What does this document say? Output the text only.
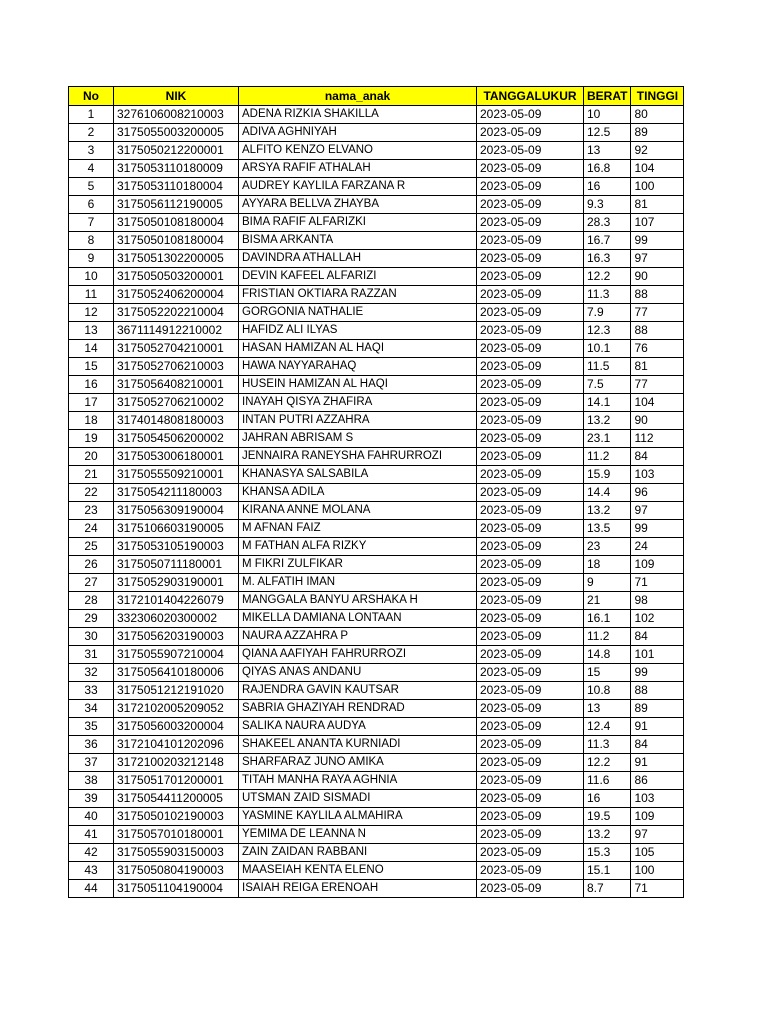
No	NIK	nama_anak	TANGGALUKUR	BERAT	TINGGI
1	3276106008210003	ADENA RIZKIA SHAKILLA	2023-05-09	10	80
2	3175055003200005	ADIVA AGHNIYAH	2023-05-09	12.5	89
3	3175050212200001	ALFITO KENZO ELVANO	2023-05-09	13	92
4	3175053110180009	ARSYA RAFIF ATHALAH	2023-05-09	16.8	104
5	3175053110180004	AUDREY KAYLILA FARZANA R	2023-05-09	16	100
6	3175056112190005	AYYARA BELLVA ZHAYBA	2023-05-09	9.3	81
7	3175050108180004	BIMA RAFIF ALFARIZKI	2023-05-09	28.3	107
8	3175050108180004	BISMA ARKANTA	2023-05-09	16.7	99
9	3175051302200005	DAVINDRA ATHALLAH	2023-05-09	16.3	97
10	3175050503200001	DEVIN KAFEEL ALFARIZI	2023-05-09	12.2	90
11	3175052406200004	FRISTIAN OKTIARA RAZZAN	2023-05-09	11.3	88
12	3175052202210004	GORGONIA NATHALIE	2023-05-09	7.9	77
13	3671114912210002	HAFIDZ ALI ILYAS	2023-05-09	12.3	88
14	3175052704210001	HASAN HAMIZAN AL HAQI	2023-05-09	10.1	76
15	3175052706210003	HAWA NAYYARAHAQ	2023-05-09	11.5	81
16	3175056408210001	HUSEIN HAMIZAN AL HAQI	2023-05-09	7.5	77
17	3175052706210002	INAYAH QISYA ZHAFIRA	2023-05-09	14.1	104
18	3174014808180003	INTAN PUTRI AZZAHRA	2023-05-09	13.2	90
19	3175054506200002	JAHRAN ABRISAM S	2023-05-09	23.1	112
20	3175053006180001	JENNAIRA RANEYSHA FAHRURROZI	2023-05-09	11.2	84
21	3175055509210001	KHANASYA SALSABILA	2023-05-09	15.9	103
22	3175054211180003	KHANSA ADILA	2023-05-09	14.4	96
23	3175056309190004	KIRANA ANNE MOLANA	2023-05-09	13.2	97
24	3175106603190005	M AFNAN FAIZ	2023-05-09	13.5	99
25	3175053105190003	M FATHAN ALFA RIZKY	2023-05-09	23	24
26	3175050711180001	M FIKRI ZULFIKAR	2023-05-09	18	109
27	3175052903190001	M. ALFATIH IMAN	2023-05-09	9	71
28	3172101404226079	MANGGALA BANYU ARSHAKA H	2023-05-09	21	98
29	332306020300002	MIKELLA DAMIANA LONTAAN	2023-05-09	16.1	102
30	3175056203190003	NAURA AZZAHRA P	2023-05-09	11.2	84
31	3175055907210004	QIANA AAFIYAH FAHRURROZI	2023-05-09	14.8	101
32	3175056410180006	QIYAS ANAS ANDANU	2023-05-09	15	99
33	3175051212191020	RAJENDRA GAVIN KAUTSAR	2023-05-09	10.8	88
34	3172102005209052	SABRIA GHAZIYAH RENDRAD	2023-05-09	13	89
35	3175056003200004	SALIKA NAURA AUDYA	2023-05-09	12.4	91
36	3172104101202096	SHAKEEL ANANTA KURNIADI	2023-05-09	11.3	84
37	3172100203212148	SHARFARAZ JUNO AMIKA	2023-05-09	12.2	91
38	3175051701200001	TITAH MANHA RAYA AGHNIA	2023-05-09	11.6	86
39	3175054411200005	UTSMAN ZAID SISMADI	2023-05-09	16	103
40	3175050102190003	YASMINE KAYLILA ALMAHIRA	2023-05-09	19.5	109
41	3175057010180001	YEMIMA DE LEANNA N	2023-05-09	13.2	97
42	3175055903150003	ZAIN ZAIDAN RABBANI	2023-05-09	15.3	105
43	3175050804190003	MAASEIAH KENTA ELENO	2023-05-09	15.1	100
44	3175051104190004	ISAIAH REIGA ERENOAH	2023-05-09	8.7	71
